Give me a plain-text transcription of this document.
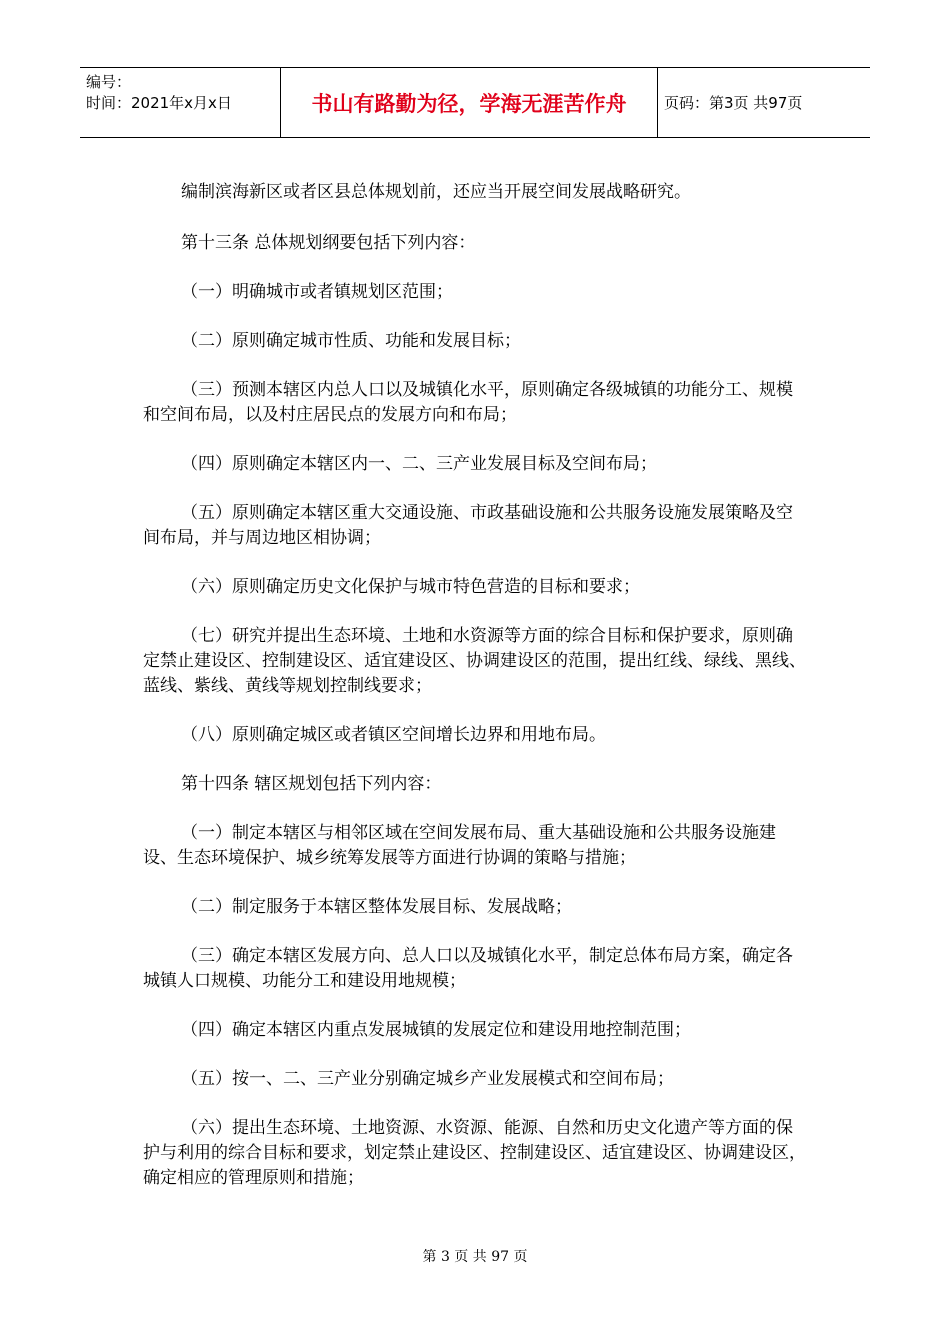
编号：
时间：2021年x月x日	书山有路勤为径，学海无涯苦作舟	页码：第3页 共97页

编制滨海新区或者区县总体规划前，还应当开展空间发展战略研究。

第十三条 总体规划纲要包括下列内容：

（一）明确城市或者镇规划区范围；

（二）原则确定城市性质、功能和发展目标；

（三）预测本辖区内总人口以及城镇化水平，原则确定各级城镇的功能分工、规模和空间布局，以及村庄居民点的发展方向和布局；

（四）原则确定本辖区内一、二、三产业发展目标及空间布局；

（五）原则确定本辖区重大交通设施、市政基础设施和公共服务设施发展策略及空间布局，并与周边地区相协调；

（六）原则确定历史文化保护与城市特色营造的目标和要求；

（七）研究并提出生态环境、土地和水资源等方面的综合目标和保护要求，原则确定禁止建设区、控制建设区、适宜建设区、协调建设区的范围，提出红线、绿线、黑线、蓝线、紫线、黄线等规划控制线要求；

（八）原则确定城区或者镇区空间增长边界和用地布局。

第十四条 辖区规划包括下列内容：

（一）制定本辖区与相邻区域在空间发展布局、重大基础设施和公共服务设施建设、生态环境保护、城乡统筹发展等方面进行协调的策略与措施；

（二）制定服务于本辖区整体发展目标、发展战略；

（三）确定本辖区发展方向、总人口以及城镇化水平，制定总体布局方案，确定各城镇人口规模、功能分工和建设用地规模；

（四）确定本辖区内重点发展城镇的发展定位和建设用地控制范围；

（五）按一、二、三产业分别确定城乡产业发展模式和空间布局；

（六）提出生态环境、土地资源、水资源、能源、自然和历史文化遗产等方面的保护与利用的综合目标和要求，划定禁止建设区、控制建设区、适宜建设区、协调建设区，确定相应的管理原则和措施；

第 3 页 共 97 页
